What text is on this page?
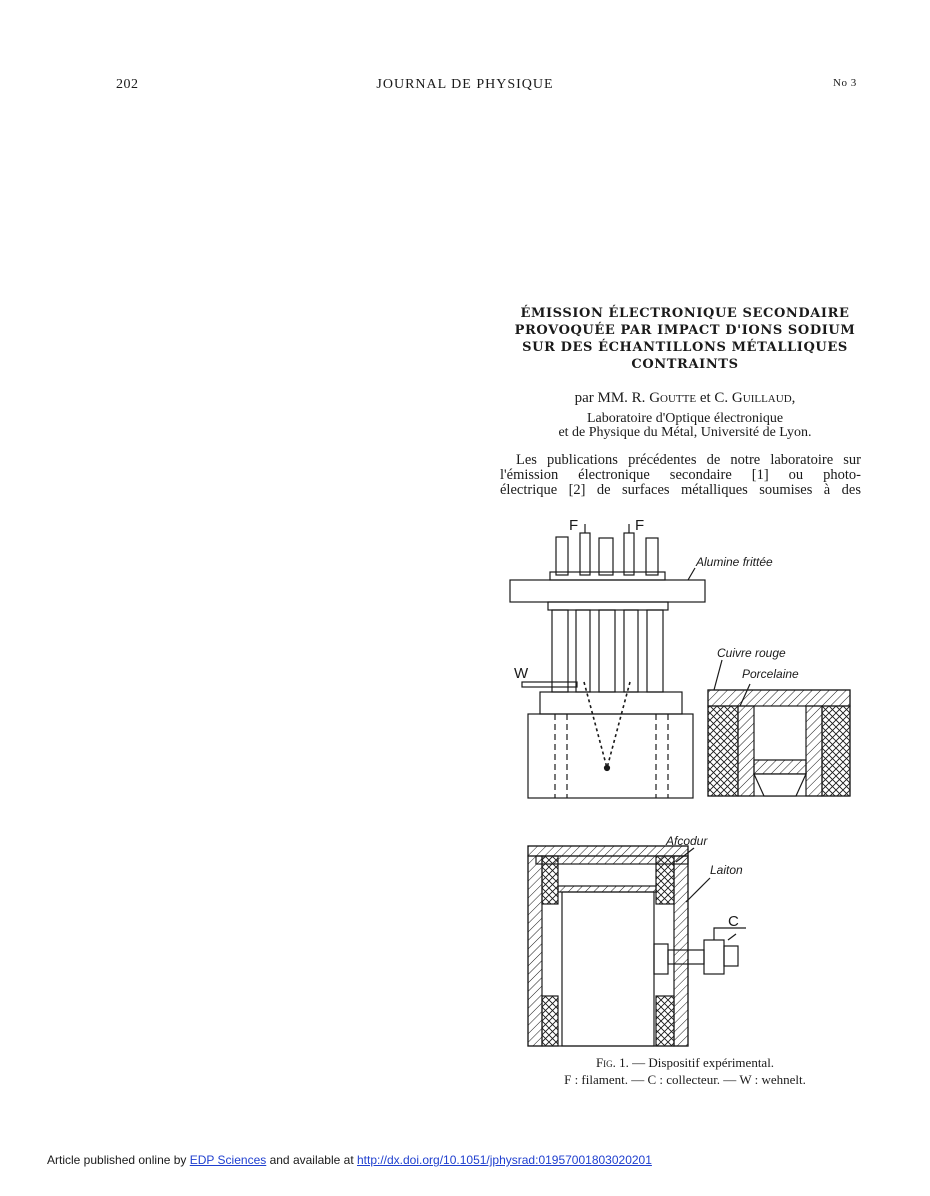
202	JOURNAL DE PHYSIQUE	No 3
ÉMISSION ÉLECTRONIQUE SECONDAIRE
PROVOQUÉE PAR IMPACT D'IONS SODIUM
SUR DES ÉCHANTILLONS MÉTALLIQUES
CONTRAINTS
par MM. R. Goutte et C. Guillaud,
Laboratoire d'Optique électronique
et de Physique du Métal, Université de Lyon.
Les publications précédentes de notre laboratoire sur
l'émission électronique secondaire [1] ou photo-
électrique [2] de surfaces métalliques soumises à des
F	F
Alumine frittée
W
Cuivre rouge
Porcelaine
Afcodur
Laiton
C
Fig. 1. — Dispositif expérimental.
F : filament. — C : collecteur. — W : wehnelt.
Article published online by EDP Sciences and available at http://dx.doi.org/10.1051/jphysrad:01957001803020201
